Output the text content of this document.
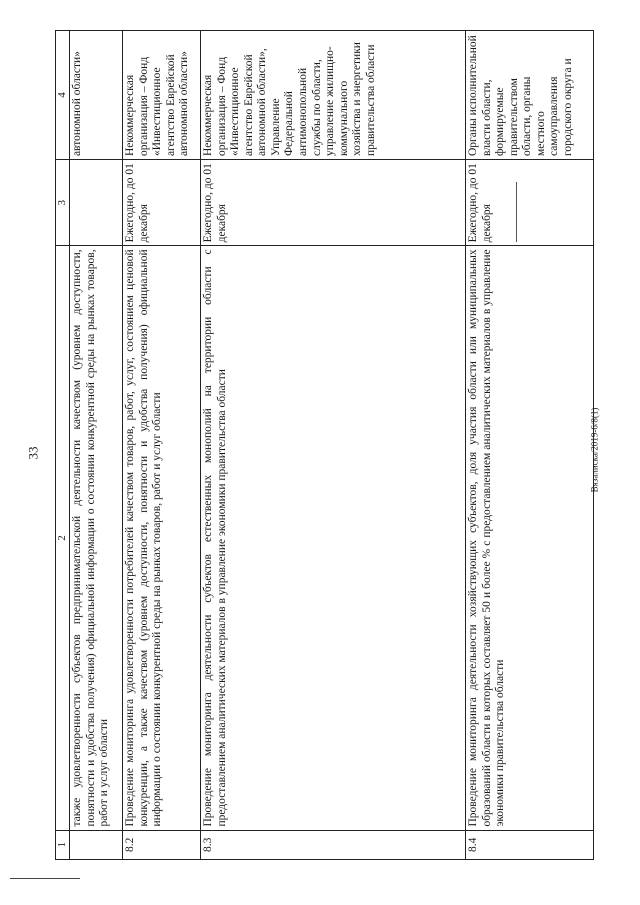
33	Вязалиска/2019-6/8(1)
1	2	3	4
	также удовлетворенности субъектов предпринимательской деятельности качеством (уровнем доступности, понятности и удобства получения) официальной информации о состоянии конкурентной среды на рынках товаров, работ и услуг области		автономной области»
8.2	Проведение мониторинга удовлетворенности потребителей качеством товаров, работ, услуг, состоянием ценовой конкуренции, а также качеством (уровнем доступности, понятности и удобства получения) официальной информации о состоянии конкурентной среды на рынках товаров, работ и услуг области	Ежегодно, до 01 декабря	Некоммерческая организация – Фонд «Инвестиционное агентство Еврейской автономной области»
8.3	Проведение мониторинга деятельности субъектов естественных монополий на территории области с предоставлением аналитических материалов в управление экономики правительства области	Ежегодно, до 01 декабря	Некоммерческая организация – Фонд «Инвестиционное агентство Еврейской автономной области», Управление Федеральной антимонопольной службы по области, управление жилищно-коммунального хозяйства и энергетики правительства области
8.4	Проведение мониторинга деятельности хозяйствующих субъектов, доля участия области или муниципальных образований области в которых составляет 50 и более % с предоставлением аналитических материалов в управление экономики правительства области	Ежегодно, до 01 декабря	Органы исполнительной власти области, формируемые правительством области, органы местного самоуправления городского округа и
